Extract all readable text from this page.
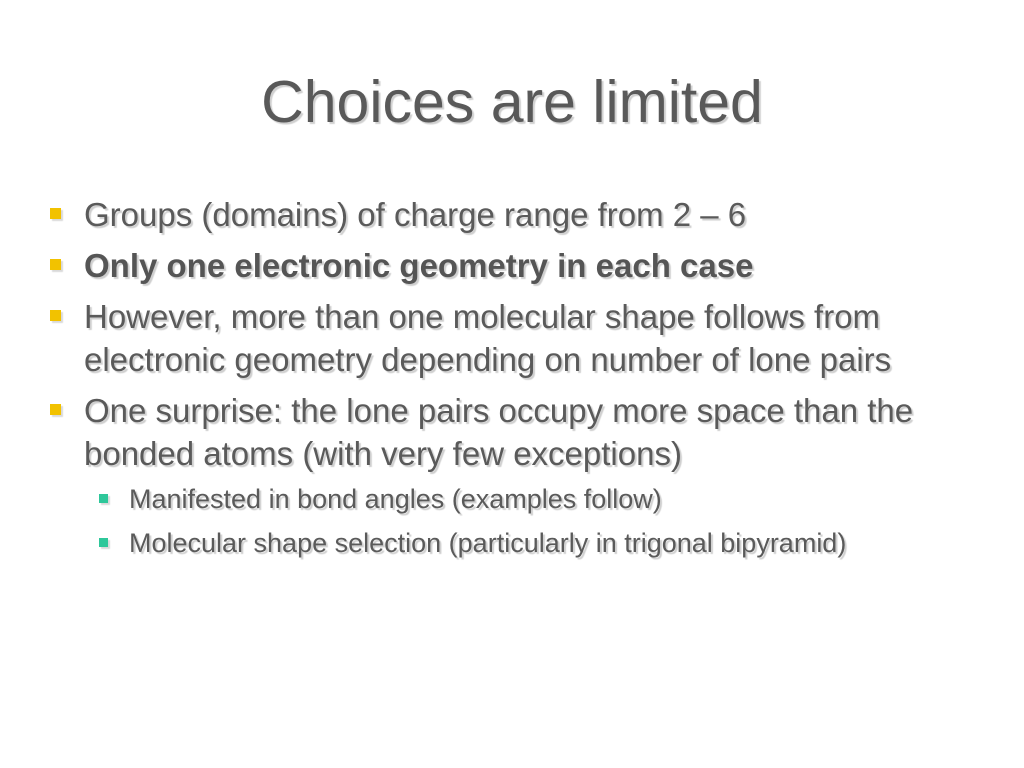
Choices are limited
Groups (domains) of charge range from 2 – 6
Only one electronic geometry in each case
However, more than one molecular shape follows from electronic geometry depending on number of lone pairs
One surprise: the lone pairs occupy more space than the bonded atoms (with very few exceptions)
Manifested in bond angles (examples follow)
Molecular shape selection (particularly in trigonal bipyramid)
